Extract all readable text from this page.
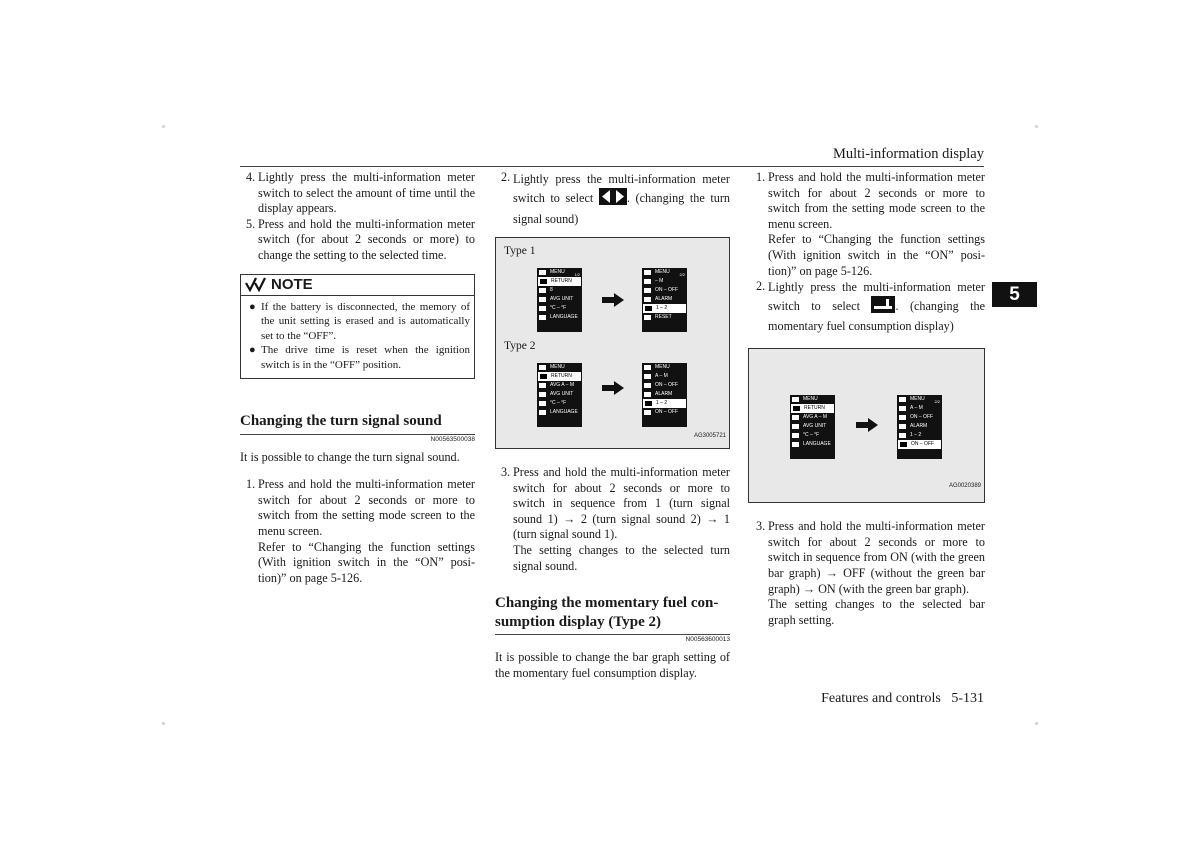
Multi-information display
5
4. Lightly press the multi-information meter switch to select the amount of time until the display appears.

5. Press and hold the multi-information meter switch (for about 2 seconds or more) to change the setting to the selected time.

NOTE
● If the battery is disconnected, the memory of the unit setting is erased and is automatically set to the “OFF”.
● The drive time is reset when the ignition switch is in the “OFF” position.
Changing the turn signal sound
N00563500038

It is possible to change the turn signal sound.

1. Press and hold the multi-information meter switch for about 2 seconds or more to switch from the setting mode screen to the menu screen.

Refer to “Changing the function settings (With ignition switch in the “ON” posi- tion)” on page 5-126.

2. Lightly press the multi-information meter switch to select	. (changing the turn signal sound)

Type 1
Type 2
AG3005721
1/2
MENU
RETURN
8
AVG UNIT
°C – °F
LANGUAGE
2/2
MENU
– M
ON – OFF
ALARM
1 – 2
RESET
MENU
RETURN
AVG A – M
AVG UNIT
°C – °F
LANGUAGE
MENU
A – M
ON – OFF
ALARM
1 – 2
ON – OFF
3. Press and hold the multi-information meter switch for about 2 seconds or more to switch in sequence from 1 (turn signal sound 1) → 2 (turn signal sound 2) → 1 (turn signal sound 1).

The setting changes to the selected turn signal sound.

Changing the momentary fuel con- sumption display (Type 2)
N00563600013

It is possible to change the bar graph setting of the momentary fuel consumption display.

1. Press and hold the multi-information meter switch for about 2 seconds or more to switch from the setting mode screen to the menu screen.

Refer to “Changing the function settings (With ignition switch in the “ON” posi- tion)” on page 5-126.

2. Lightly press the multi-information meter switch to select	. (changing the momentary fuel consumption display)

AG0020389
MENU
RETURN
AVG A – M
AVG UNIT
°C – °F
LANGUAGE
2/2
MENU
A – M
ON – OFF
ALARM
1 – 2
ON – OFF
3. Press and hold the multi-information meter switch for about 2 seconds or more to switch in sequence from ON (with the green bar graph) → OFF (without the green bar graph) → ON (with the green bar graph).

The setting changes to the selected bar graph setting.

Features and controls 5-131
